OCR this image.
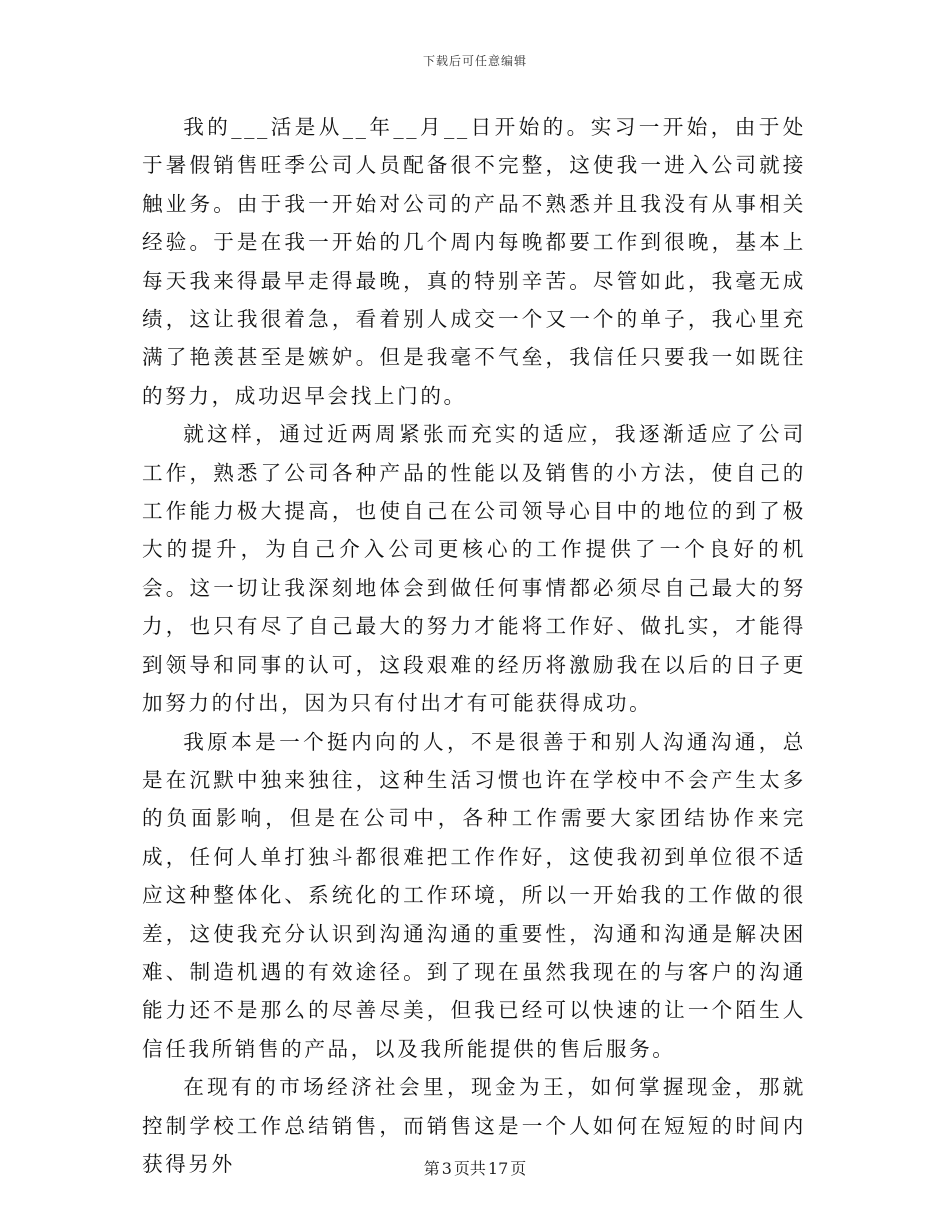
下载后可任意编辑

我的___活是从__年__月__日开始的。实习一开始，由于处于暑假销售旺季公司人员配备很不完整，这使我一进入公司就接触业务。由于我一开始对公司的产品不熟悉并且我没有从事相关经验。于是在我一开始的几个周内每晚都要工作到很晚，基本上每天我来得最早走得最晚，真的特别辛苦。尽管如此，我毫无成绩，这让我很着急，看着别人成交一个又一个的单子，我心里充满了艳羡甚至是嫉妒。但是我毫不气垒，我信任只要我一如既往的努力，成功迟早会找上门的。

就这样，通过近两周紧张而充实的适应，我逐渐适应了公司工作，熟悉了公司各种产品的性能以及销售的小方法，使自己的工作能力极大提高，也使自己在公司领导心目中的地位的到了极大的提升，为自己介入公司更核心的工作提供了一个良好的机会。这一切让我深刻地体会到做任何事情都必须尽自己最大的努力，也只有尽了自己最大的努力才能将工作好、做扎实，才能得到领导和同事的认可，这段艰难的经历将激励我在以后的日子更加努力的付出，因为只有付出才有可能获得成功。

我原本是一个挺内向的人，不是很善于和别人沟通沟通，总是在沉默中独来独往，这种生活习惯也许在学校中不会产生太多的负面影响，但是在公司中，各种工作需要大家团结协作来完成，任何人单打独斗都很难把工作作好，这使我初到单位很不适应这种整体化、系统化的工作环境，所以一开始我的工作做的很差，这使我充分认识到沟通沟通的重要性，沟通和沟通是解决困难、制造机遇的有效途径。到了现在虽然我现在的与客户的沟通能力还不是那么的尽善尽美，但我已经可以快速的让一个陌生人信任我所销售的产品，以及我所能提供的售后服务。

在现有的市场经济社会里，现金为王，如何掌握现金，那就控制学校工作总结销售，而销售这是一个人如何在短短的时间内获得另外	第 3 页共 17 页
